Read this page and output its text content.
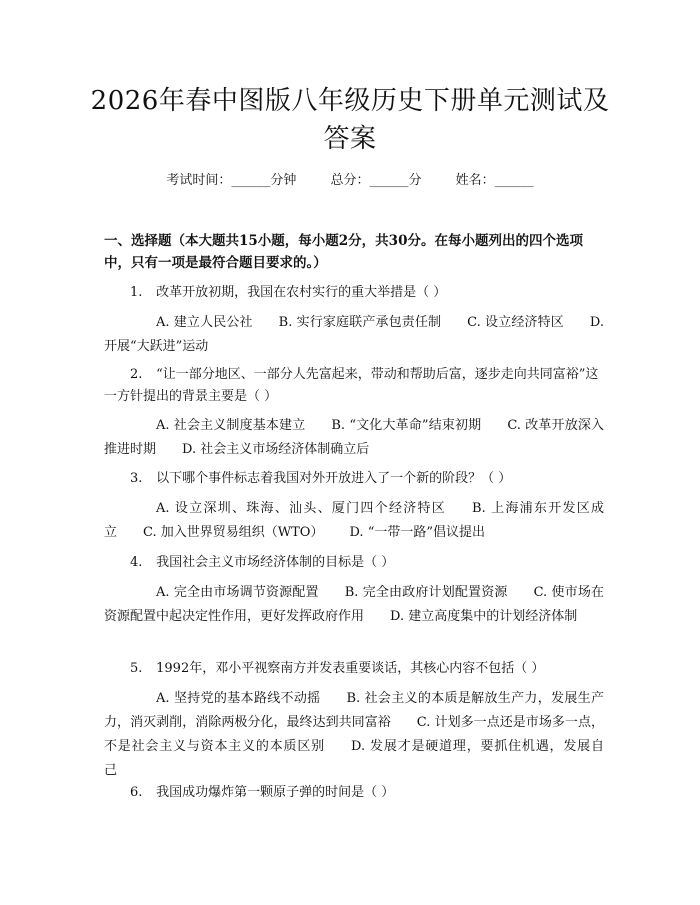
2026年春中图版八年级历史下册单元测试及答案
考试时间：______分钟	总分：______分	姓名：______
一、选择题（本大题共15小题，每小题2分，共30分。在每小题列出的四个选项中，只有一项是最符合题目要求的。）
1. 改革开放初期，我国在农村实行的重大举措是（ ）
A. 建立人民公社 B. 实行家庭联产承包责任制 C. 设立经济特区 D. 开展“大跃进”运动
2. “让一部分地区、一部分人先富起来，带动和帮助后富，逐步走向共同富裕”这一方针提出的背景主要是（ ）
A. 社会主义制度基本建立 B. “文化大革命”结束初期 C. 改革开放深入推进时期 D. 社会主义市场经济体制确立后
3. 以下哪个事件标志着我国对外开放进入了一个新的阶段？（ ）
A. 设立深圳、珠海、汕头、厦门四个经济特区 B. 上海浦东开发区成立 C. 加入世界贸易组织（WTO） D. “一带一路”倡议提出
4. 我国社会主义市场经济体制的目标是（ ）
A. 完全由市场调节资源配置 B. 完全由政府计划配置资源 C. 使市场在资源配置中起决定性作用，更好发挥政府作用 D. 建立高度集中的计划经济体制
5. 1992年，邓小平视察南方并发表重要谈话，其核心内容不包括（ ）
A. 坚持党的基本路线不动摇 B. 社会主义的本质是解放生产力，发展生产力，消灭剥削，消除两极分化，最终达到共同富裕 C. 计划多一点还是市场多一点，不是社会主义与资本主义的本质区别 D. 发展才是硬道理，要抓住机遇，发展自己
6. 我国成功爆炸第一颗原子弹的时间是（ ）
